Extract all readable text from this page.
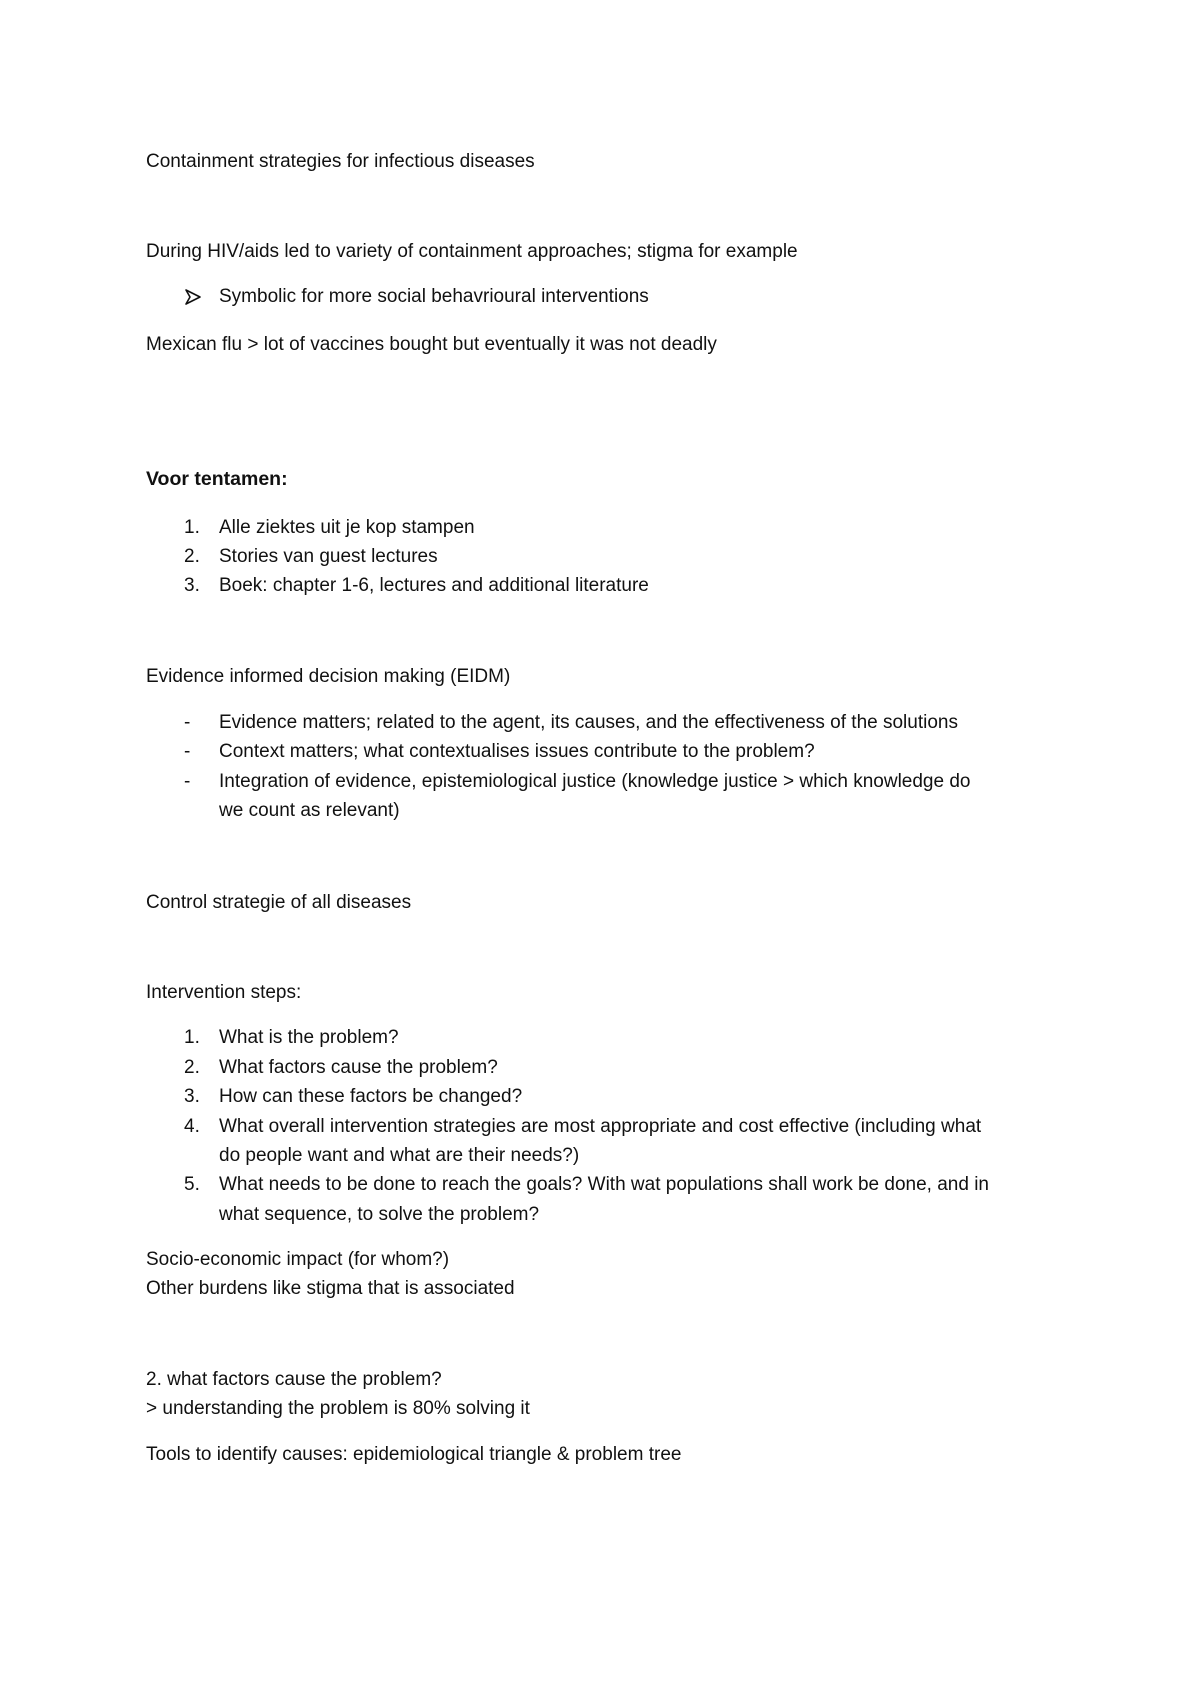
Containment strategies for infectious diseases
During HIV/aids led to variety of containment approaches; stigma for example
Symbolic for more social behavrioural interventions
Mexican flu > lot of vaccines bought but eventually it was not deadly
Voor tentamen:
1.	Alle ziektes uit je kop stampen
2.	Stories van guest lectures
3.	Boek: chapter 1-6, lectures and additional literature
Evidence informed decision making (EIDM)
-	Evidence matters; related to the agent, its causes, and the effectiveness of the solutions
-	Context matters; what contextualises issues contribute to the problem?
-	Integration of evidence, epistemiological justice (knowledge justice > which knowledge do
we count as relevant)
Control strategie of all diseases
Intervention steps:
1.	What is the problem?
2.	What factors cause the problem?
3.	How can these factors be changed?
4.	What overall intervention strategies are most appropriate and cost effective (including what
do people want and what are their needs?)
5.	What needs to be done to reach the goals? With wat populations shall work be done, and in
what sequence, to solve the problem?
Socio-economic impact (for whom?)
Other burdens like stigma that is associated
2. what factors cause the problem?
> understanding the problem is 80% solving it
Tools to identify causes: epidemiological triangle & problem tree
